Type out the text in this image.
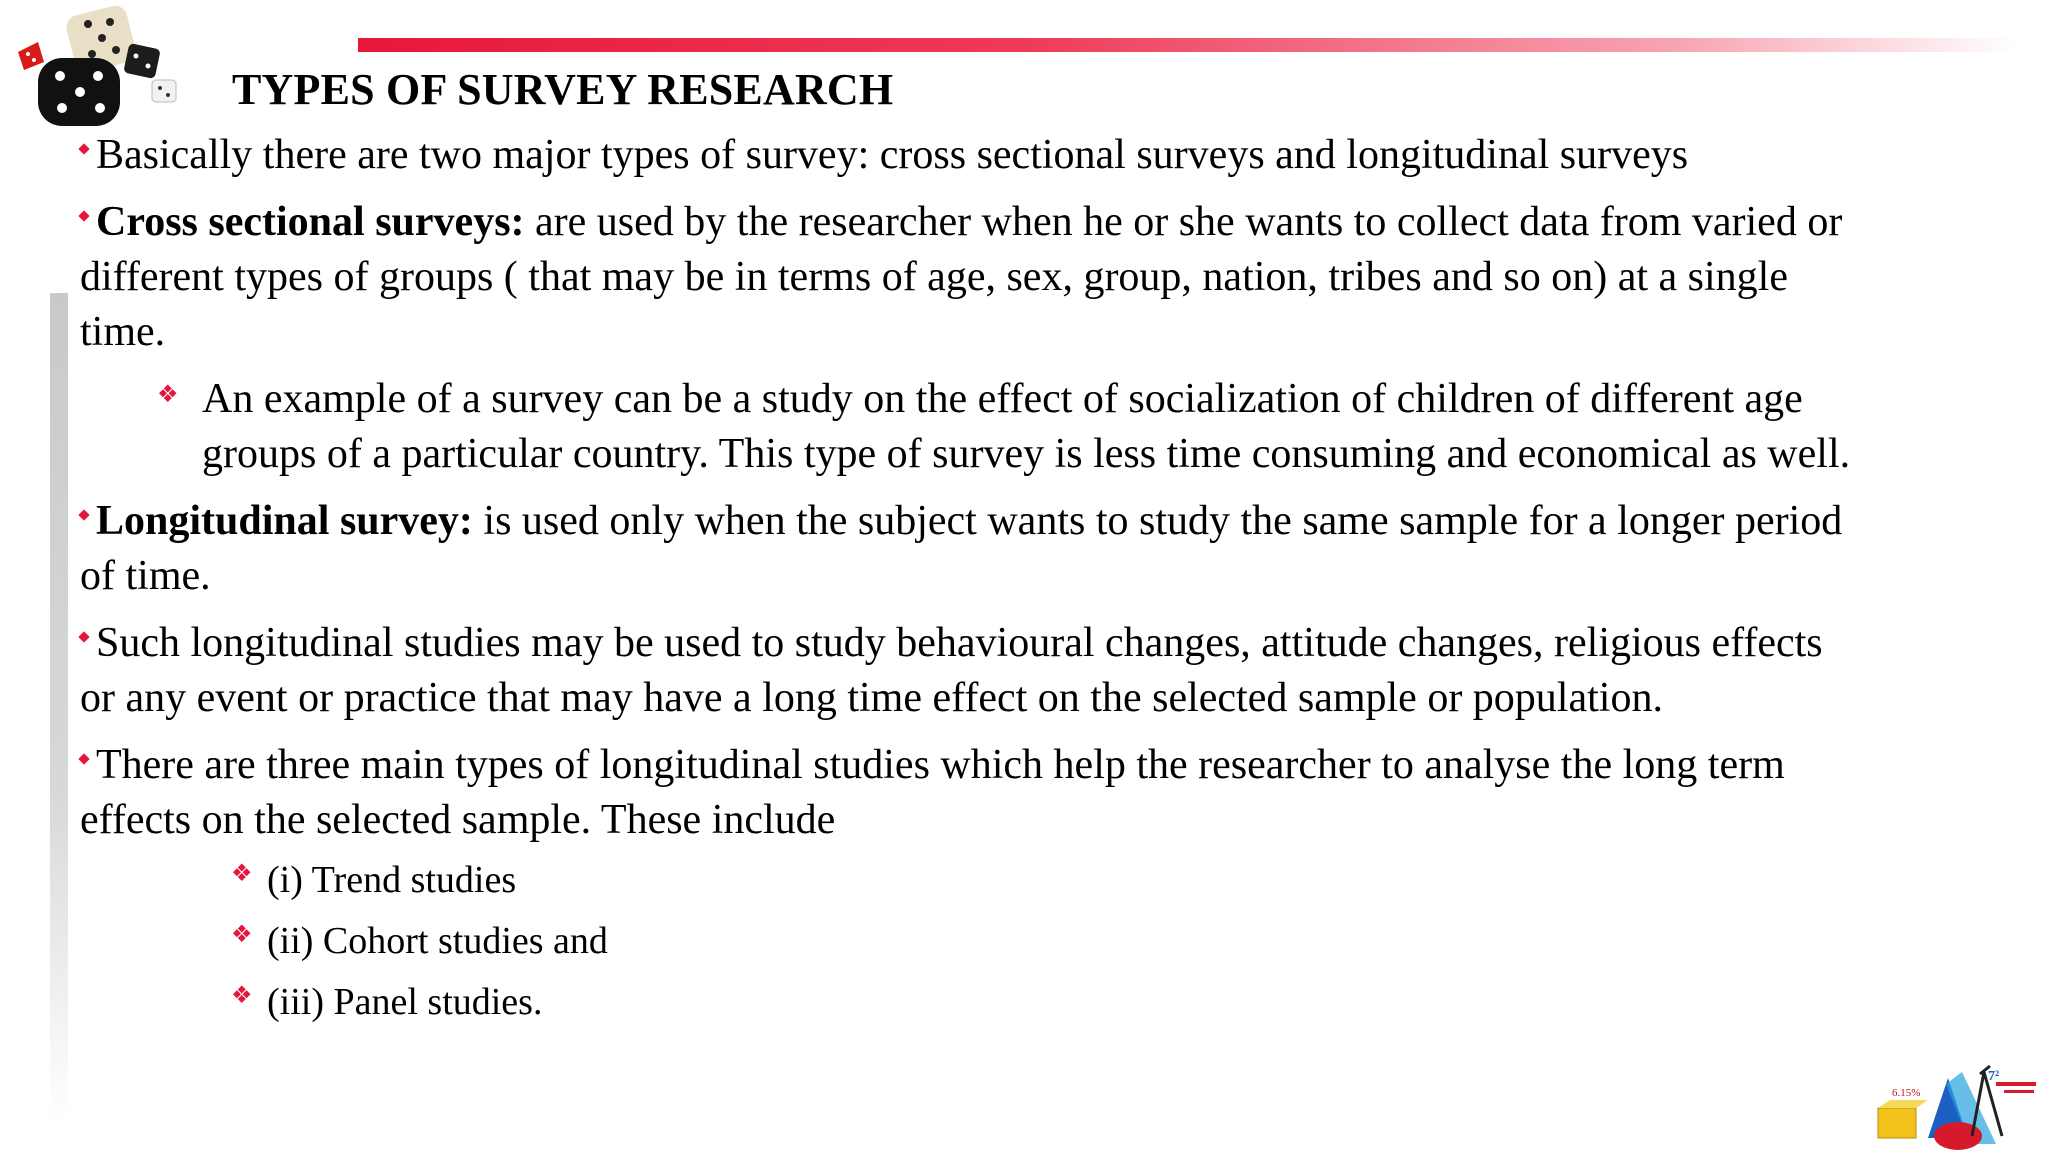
6.15%
7²
TYPES OF SURVEY RESEARCH
Basically there are two major types of survey: cross sectional surveys and longitudinal surveys
Cross sectional surveys: are used by the researcher when he or she wants to collect data from varied or
different types of groups ( that may be in terms of age, sex, group, nation, tribes and so on) at a single
time.
❖ An example of a survey can be a study on the effect of socialization of children of different age
groups of a particular country. This type of survey is less time consuming and economical as well.
Longitudinal survey: is used only when the subject wants to study the same sample for a longer period
of time.
Such longitudinal studies may be used to study behavioural changes, attitude changes, religious effects
or any event or practice that may have a long time effect on the selected sample or population.
There are three main types of longitudinal studies which help the researcher to analyse the long term
effects on the selected sample. These include
❖ (i) Trend studies
❖ (ii) Cohort studies and
❖ (iii) Panel studies.
